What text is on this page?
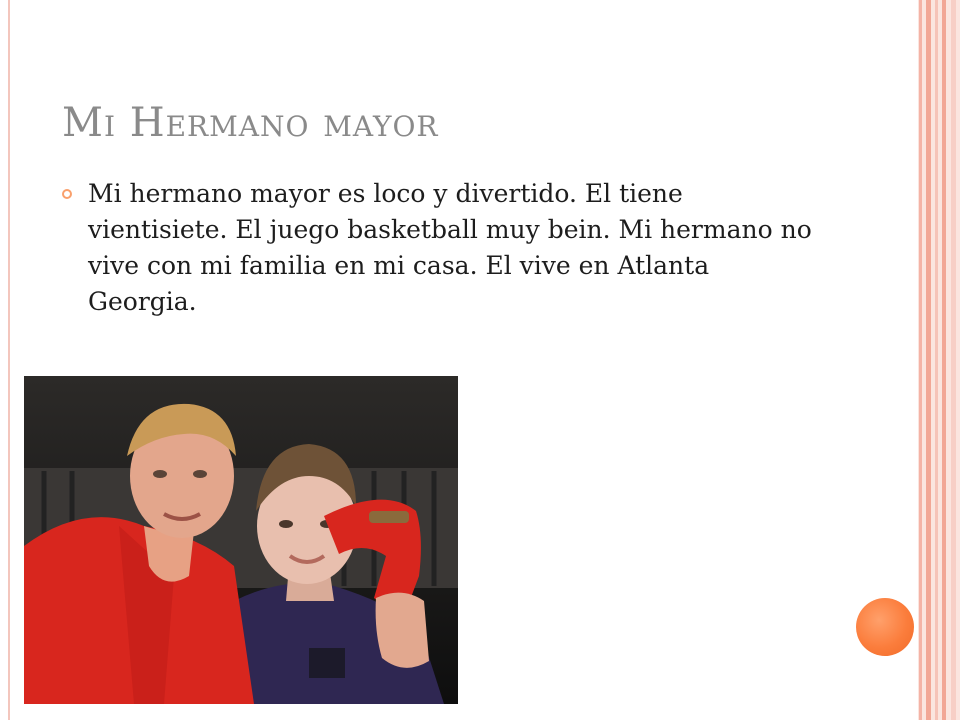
Mi Hermano mayor

Mi hermano mayor es loco y divertido. El tiene vientisiete. El juego basketball muy bein. Mi hermano no vive con mi familia en mi casa. El vive en Atlanta Georgia.
